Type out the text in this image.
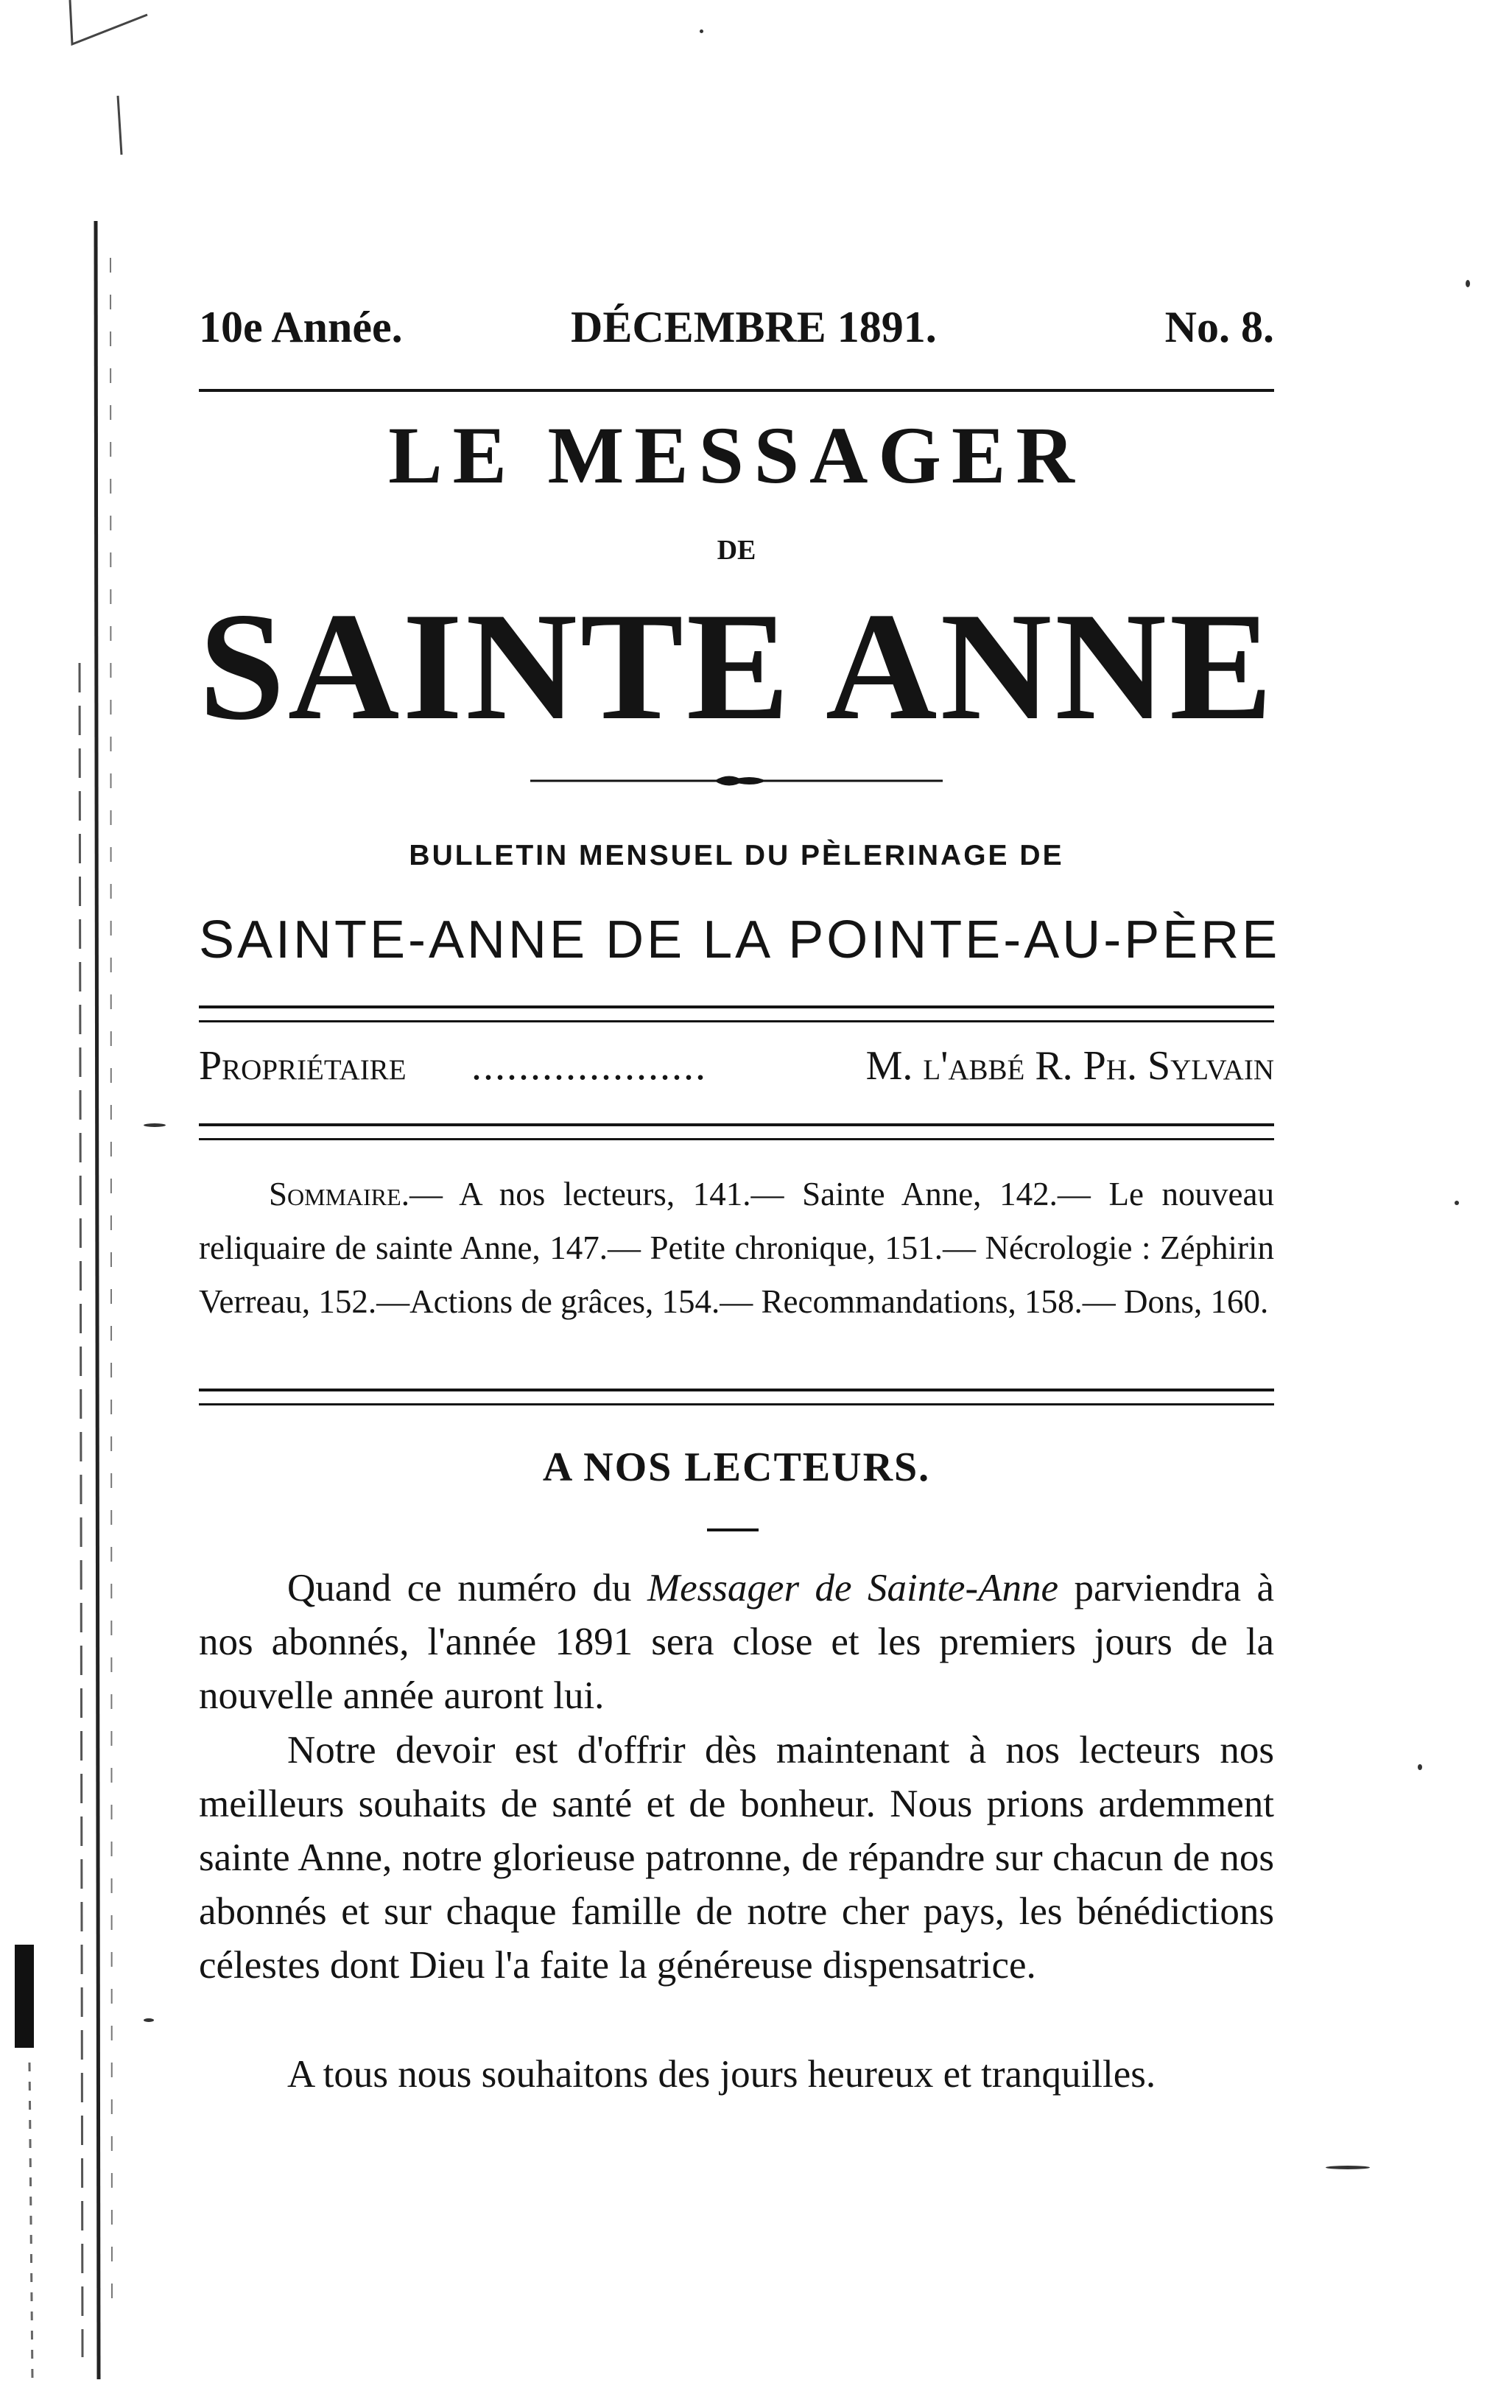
10e Année.	DÉCEMBRE 1891.	No. 8.
LE MESSAGER
DE
SAINTE ANNE
BULLETIN MENSUEL DU PÈLERINAGE DE
SAINTE-ANNE DE LA POINTE-AU-PÈRE
Propriétaire ....................	M. l'abbé R. Ph. Sylvain
Sommaire.— A nos lecteurs, 141.— Sainte Anne, 142.— Le nouveau reliquaire de sainte Anne, 147.— Petite chronique, 151.— Nécrologie : Zéphirin Verreau, 152.—Actions de grâces, 154.— Recommandations, 158.— Dons, 160.
A NOS LECTEURS.

Quand ce numéro du Messager de Sainte-Anne parviendra à nos abonnés, l'année 1891 sera close et les premiers jours de la nouvelle année auront lui.

Notre devoir est d'offrir dès maintenant à nos lecteurs nos meilleurs souhaits de santé et de bonheur. Nous prions ardemment sainte Anne, notre glorieuse patronne, de répandre sur chacun de nos abonnés et sur chaque famille de notre cher pays, les bénédictions célestes dont Dieu l'a faite la généreuse dispensatrice.

A tous nous souhaitons des jours heureux et tranquilles.
